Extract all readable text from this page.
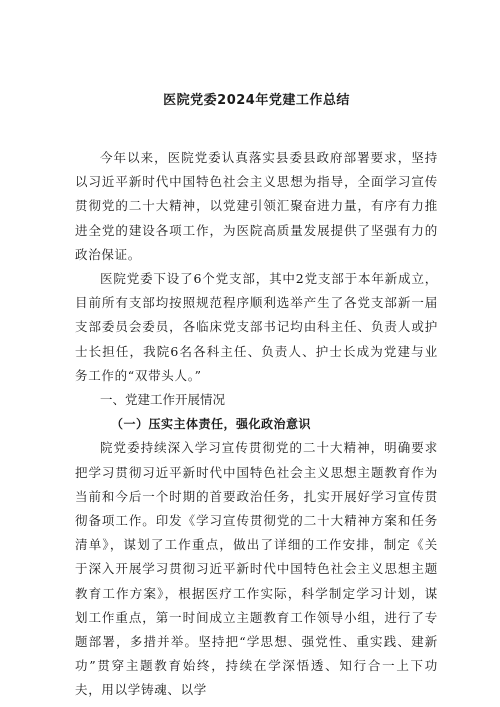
医院党委2024年党建工作总结

今年以来，医院党委认真落实县委县政府部署要求，坚持以习近平新时代中国特色社会主义思想为指导，全面学习宣传贯彻党的二十大精神，以党建引领汇聚奋进力量，有序有力推进全党的建设各项工作，为医院高质量发展提供了坚强有力的政治保证。

医院党委下设了6个党支部，其中2党支部于本年新成立，目前所有支部均按照规范程序顺利选举产生了各党支部新一届支部委员会委员，各临床党支部书记均由科主任、负责人或护士长担任，我院6名各科主任、负责人、护士长成为党建与业务工作的“双带头人。”

一、党建工作开展情况
（一）压实主体责任，强化政治意识

院党委持续深入学习宣传贯彻党的二十大精神，明确要求把学习贯彻习近平新时代中国特色社会主义思想主题教育作为当前和今后一个时期的首要政治任务，扎实开展好学习宣传贯彻备项工作。印发《学习宣传贯彻党的二十大精神方案和任务清单》，谋划了工作重点，做出了详细的工作安排，制定《关于深入开展学习贯彻习近平新时代中国特色社会主义思想主题教育工作方案》，根据医疗工作实际，科学制定学习计划，谋划工作重点，第一时间成立主题教育工作领导小组，进行了专题部署，多措并举。坚持把“学思想、强党性、重实践、建新功”贯穿主题教育始终，持续在学深悟透、知行合一上下功夫，用以学铸魂、以学
